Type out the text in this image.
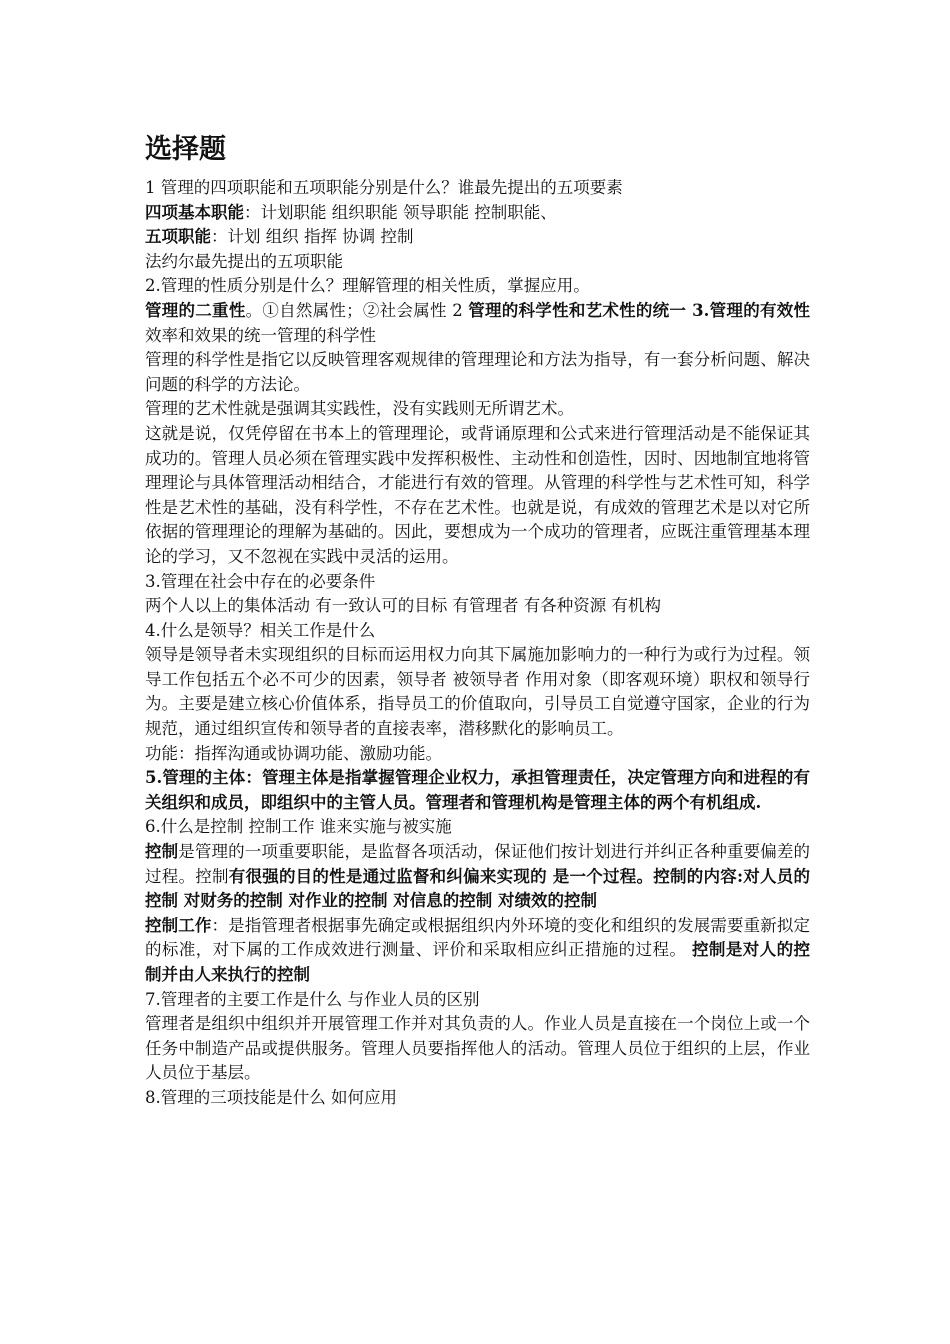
选择题

1 管理的四项职能和五项职能分别是什么？谁最先提出的五项要素

四项基本职能：计划职能 组织职能 领导职能 控制职能、

五项职能：计划 组织 指挥 协调 控制

法约尔最先提出的五项职能

2.管理的性质分别是什么？理解管理的相关性质，掌握应用。

管理的二重性。①自然属性；②社会属性 2 管理的科学性和艺术性的统一 3.管理的有效性 效率和效果的统一管理的科学性

管理的科学性是指它以反映管理客观规律的管理理论和方法为指导，有一套分析问题、解决问题的科学的方法论。

管理的艺术性就是强调其实践性，没有实践则无所谓艺术。

这就是说，仅凭停留在书本上的管理理论，或背诵原理和公式来进行管理活动是不能保证其成功的。管理人员必须在管理实践中发挥积极性、主动性和创造性，因时、因地制宜地将管理理论与具体管理活动相结合，才能进行有效的管理。从管理的科学性与艺术性可知，科学性是艺术性的基础，没有科学性，不存在艺术性。也就是说，有成效的管理艺术是以对它所依据的管理理论的理解为基础的。因此，要想成为一个成功的管理者，应既注重管理基本理论的学习，又不忽视在实践中灵活的运用。

3.管理在社会中存在的必要条件

两个人以上的集体活动 有一致认可的目标 有管理者 有各种资源 有机构

4.什么是领导？相关工作是什么

领导是领导者未实现组织的目标而运用权力向其下属施加影响力的一种行为或行为过程。领导工作包括五个必不可少的因素，领导者 被领导者 作用对象（即客观环境）职权和领导行为。主要是建立核心价值体系，指导员工的价值取向，引导员工自觉遵守国家，企业的行为规范，通过组织宣传和领导者的直接表率，潜移默化的影响员工。

功能：指挥沟通或协调功能、激励功能。

5.管理的主体：管理主体是指掌握管理企业权力，承担管理责任，决定管理方向和进程的有关组织和成员，即组织中的主管人员。管理者和管理机构是管理主体的两个有机组成.

6.什么是控制 控制工作 谁来实施与被实施

控制是管理的一项重要职能，是监督各项活动，保证他们按计划进行并纠正各种重要偏差的过程。控制有很强的目的性是通过监督和纠偏来实现的 是一个过程。控制的内容:对人员的控制 对财务的控制 对作业的控制 对信息的控制 对绩效的控制

控制工作：是指管理者根据事先确定或根据组织内外环境的变化和组织的发展需要重新拟定的标准，对下属的工作成效进行测量、评价和采取相应纠正措施的过程。 控制是对人的控制并由人来执行的控制

7.管理者的主要工作是什么 与作业人员的区别

管理者是组织中组织并开展管理工作并对其负责的人。作业人员是直接在一个岗位上或一个任务中制造产品或提供服务。管理人员要指挥他人的活动。管理人员位于组织的上层，作业人员位于基层。

8.管理的三项技能是什么 如何应用
